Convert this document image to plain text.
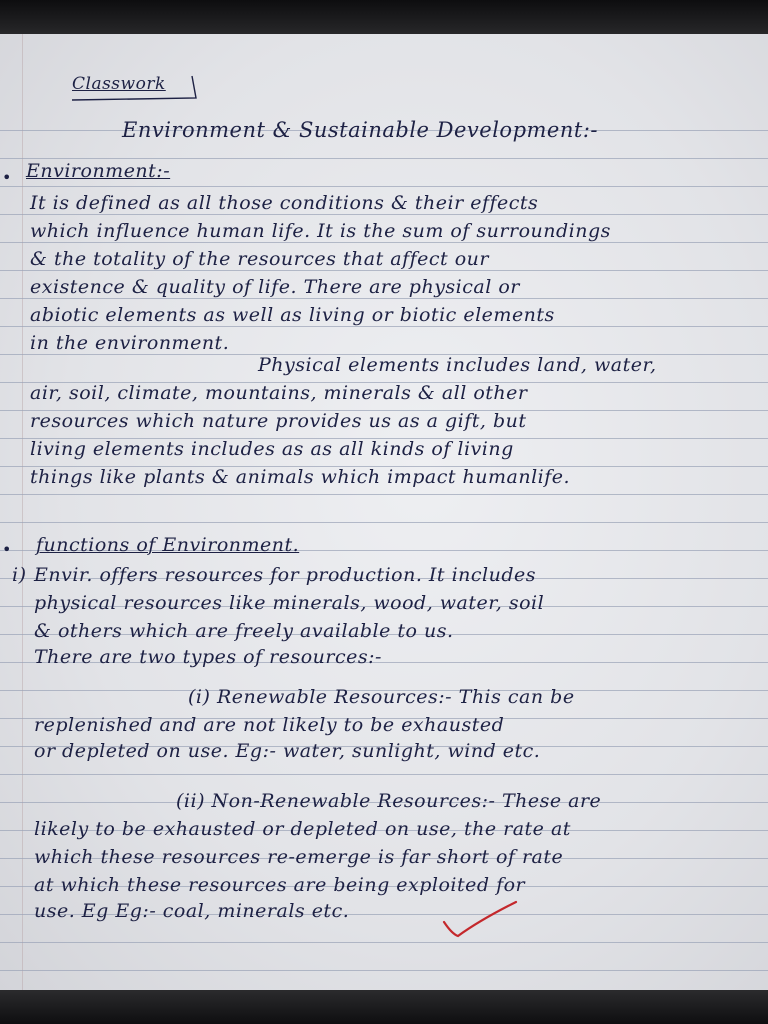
Classwork
Environment & Sustainable Development:-
• Environment:-
It is defined as all those conditions & their effects
which influence human life. It is the sum of surroundings
& the totality of the resources that affect our
existence & quality of life. There are physical or
abiotic elements as well as living or biotic elements
in the environment.
Physical elements includes land, water,
air, soil, climate, mountains, minerals & all other
resources which nature provides us as a gift, but
living elements includes as as all kinds of living
things like plants & animals which impact humanlife.
• functions of Environment.
i) Envir. offers resources for production. It includes
physical resources like minerals, wood, water, soil
& others which are freely available to us.
There are two types of resources:-
(i) Renewable Resources:- This can be
replenished and are not likely to be exhausted
or depleted on use. Eg:- water, sunlight, wind etc.
(ii) Non-Renewable Resources:- These are
likely to be exhausted or depleted on use, the rate at
which these resources re-emerge is far short of rate
at which these resources are being exploited for
use. Eg Eg:- coal, minerals etc.
